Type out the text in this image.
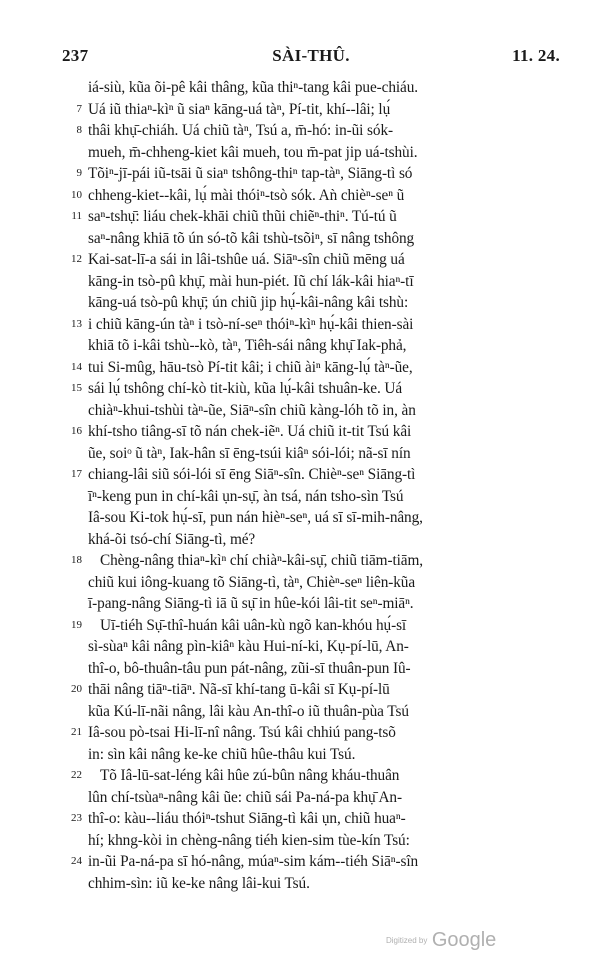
237	SÀI-THÛ.	11. 24.
iá-siù, kũa õi-pê kâi thâng, kũa thiⁿ-tang kâi pue-chiáu.
7 Uá iũ thiaⁿ-kìⁿ ũ siaⁿ kāng-uá tàⁿ, Pí-tit, khí--lâi; lụ́
8 thâi khụ̄-chiáh. Uá chiũ tàⁿ, Tsú a, m̄-hó: in-ũi sók-
mueh, m̄-chheng-kiet kâi mueh, tou m̄-pat jip uá-tshùi.
9 Tõiⁿ-jī-pái iũ-tsāi ũ siaⁿ tshông-thiⁿ tap-tàⁿ, Siāng-tì só
10 chheng-kiet--kâi, lụ́ mài thóiⁿ-tsò sók. Aǹ chièⁿ-seⁿ ũ
11 saⁿ-tshụ̄: liáu chek-khāi chiũ thũi chiẽⁿ-thiⁿ. Tú-tú ũ
saⁿ-nâng khiā tõ ún só-tõ kâi tshù-tsõiⁿ, sī nâng tshông
12 Kai-sat-lī-a sái in lâi-tshûe uá. Siāⁿ-sîn chiũ mēng uá
kāng-in tsò-pû khụ̄, mài hun-piét. Iũ chí lák-kâi hiaⁿ-tī
kāng-uá tsò-pû khụ̄; ún chiũ jip hụ́-kâi-nâng kâi tshù:
13 i chiũ kāng-ún tàⁿ i tsò-ní-seⁿ thóiⁿ-kìⁿ hụ́-kâi thien-sài
khiā tõ i-kâi tshù--kò, tàⁿ, Tiêh-sái nâng khụ̄ Iak-phả,
14 tui Si-mûg, hāu-tsò Pí-tit kâi; i chiũ àiⁿ kāng-lụ́ tàⁿ-ũe,
15 sái lụ́ tshông chí-kò tit-kiù, kũa lụ́-kâi tshuân-ke. Uá
chiàⁿ-khui-tshùi tàⁿ-ũe, Siāⁿ-sîn chiũ kàng-lóh tõ in, àn
16 khí-tsho tiâng-sī tõ nán chek-iẽⁿ. Uá chiũ it-tit Tsú kâi
ũe, soiᵒ ũ tàⁿ, Iak-hân sī ēng-tsúi kiâⁿ sói-lói; nã-sī nín
17 chiang-lâi siũ sói-lói sī ēng Siāⁿ-sîn. Chièⁿ-seⁿ Siāng-tì
īⁿ-keng pun in chí-kâi ụn-sụ̄, àn tsá, nán tsho-sìn Tsú
Iâ-sou Ki-tok hụ́-sī, pun nán hièⁿ-seⁿ, uá sī sī-mih-nâng,
khá-õi tsó-chí Siāng-tì, mé?
18 Chèng-nâng thiaⁿ-kìⁿ chí chiàⁿ-kâi-sụ̄, chiũ tiām-tiām,
chiũ kui iông-kuang tõ Siāng-tì, tàⁿ, Chièⁿ-seⁿ liên-kũa
ī-pang-nâng Siāng-tì iā ũ sụ̄ in hûe-kói lâi-tit seⁿ-miāⁿ.
19 Uī-tiéh Sụ̄-thî-huán kâi uân-kù ngõ kan-khóu hụ́-sī
sì-sùaⁿ kâi nâng pìn-kiâⁿ kàu Hui-ní-ki, Kụ-pí-lū, An-
thî-o, bô-thuân-tâu pun pát-nâng, zũi-sī thuân-pun Iû-
20 thāi nâng tiāⁿ-tiāⁿ. Nã-sī khí-tang ū-kâi sī Kụ-pí-lū
kũa Kú-lī-nãi nâng, lâi kàu An-thî-o iũ thuân-pùa Tsú
21 Iâ-sou pò-tsai Hi-lī-nî nâng. Tsú kâi chhiú pang-tsõ
in: sìn kâi nâng ke-ke chiũ hûe-thâu kui Tsú.
22 Tõ Iâ-lū-sat-léng kâi hûe zú-bûn nâng kháu-thuân
lûn chí-tsùaⁿ-nâng kâi ũe: chiũ sái Pa-ná-pa khụ̄ An-
23 thî-o: kàu--liáu thóiⁿ-tshut Siāng-tì kâi ụn, chiũ huaⁿ-
hí; khng-kòi in chèng-nâng tiéh kien-sim tùe-kín Tsú:
24 in-ũi Pa-ná-pa sī hó-nâng, múaⁿ-sim kám--tiéh Siāⁿ-sîn
chhim-sìn: iũ ke-ke nâng lâi-kui Tsú.
Digitized by Google
